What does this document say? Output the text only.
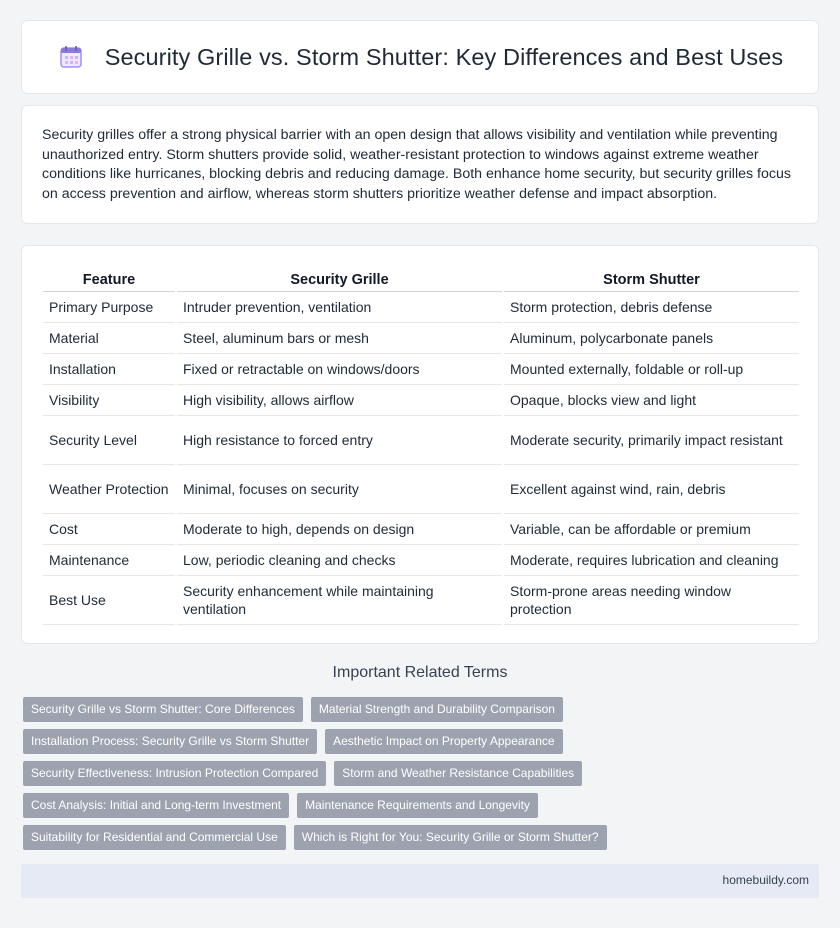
Security Grille vs. Storm Shutter: Key Differences and Best Uses

Security grilles offer a strong physical barrier with an open design that allows visibility and ventilation while preventing unauthorized entry. Storm shutters provide solid, weather-resistant protection to windows against extreme weather conditions like hurricanes, blocking debris and reducing damage. Both enhance home security, but security grilles focus on access prevention and airflow, whereas storm shutters prioritize weather defense and impact absorption.

Feature	Security Grille	Storm Shutter
Primary Purpose	Intruder prevention, ventilation	Storm protection, debris defense
Material	Steel, aluminum bars or mesh	Aluminum, polycarbonate panels
Installation	Fixed or retractable on windows/doors	Mounted externally, foldable or roll-up
Visibility	High visibility, allows airflow	Opaque, blocks view and light
Security Level	High resistance to forced entry	Moderate security, primarily impact resistant
Weather Protection	Minimal, focuses on security	Excellent against wind, rain, debris
Cost	Moderate to high, depends on design	Variable, can be affordable or premium
Maintenance	Low, periodic cleaning and checks	Moderate, requires lubrication and cleaning
Best Use	Security enhancement while maintaining ventilation	Storm-prone areas needing window protection
Important Related Terms
Security Grille vs Storm Shutter: Core Differences	Material Strength and Durability Comparison
Installation Process: Security Grille vs Storm Shutter	Aesthetic Impact on Property Appearance
Security Effectiveness: Intrusion Protection Compared	Storm and Weather Resistance Capabilities
Cost Analysis: Initial and Long-term Investment	Maintenance Requirements and Longevity
Suitability for Residential and Commercial Use	Which is Right for You: Security Grille or Storm Shutter?
homebuildy.com
